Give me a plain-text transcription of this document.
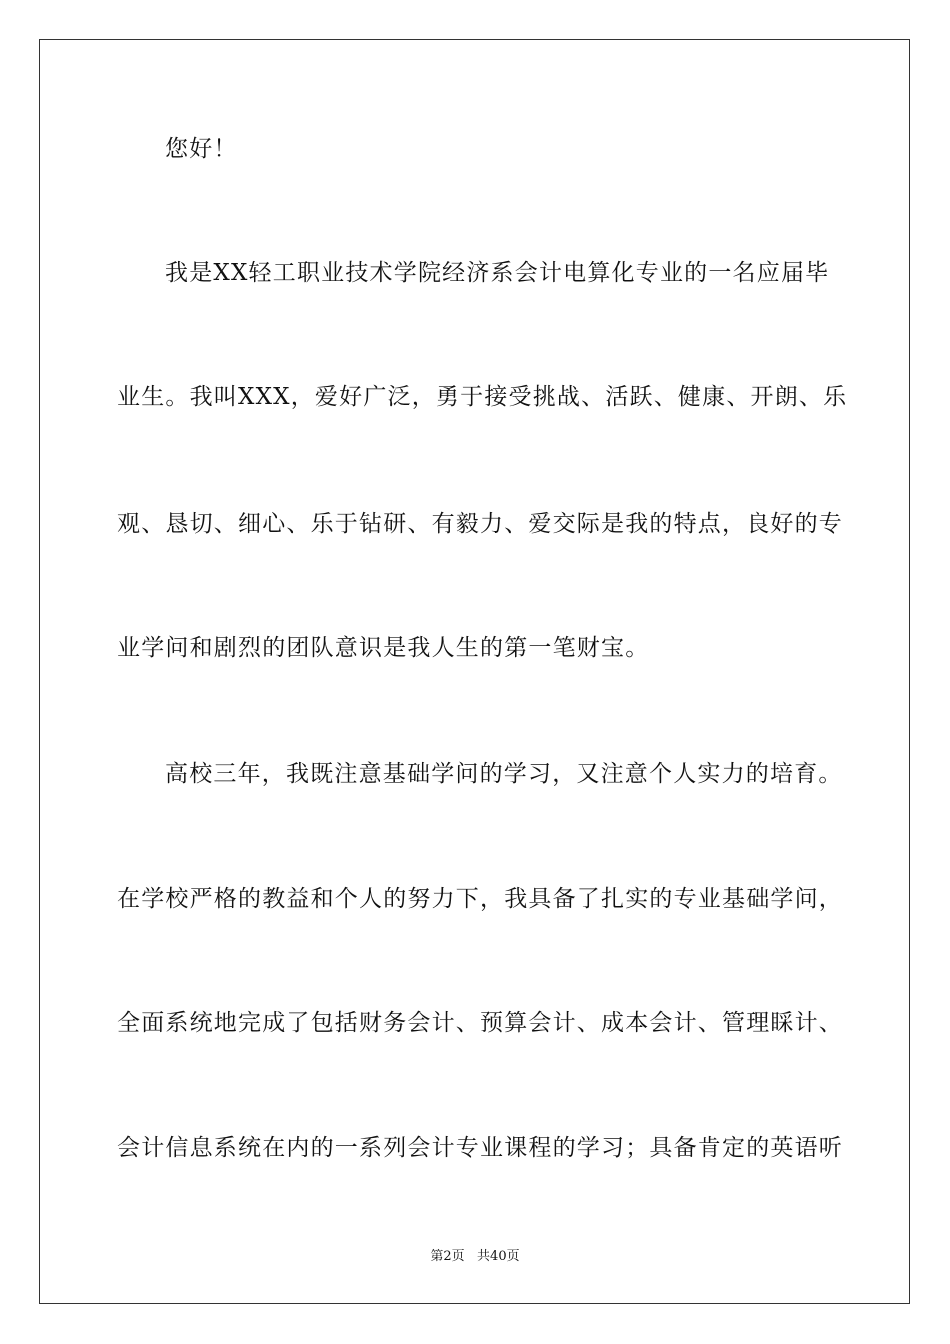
您好！
我是XX轻工职业技术学院经济系会计电算化专业的一名应届毕
业生。我叫XXX，爱好广泛，勇于接受挑战、活跃、健康、开朗、乐
观、恳切、细心、乐于钻研、有毅力、爱交际是我的特点，良好的专
业学问和剧烈的团队意识是我人生的第一笔财宝。
高校三年，我既注意基础学问的学习，又注意个人实力的培育。
在学校严格的教益和个人的努力下，我具备了扎实的专业基础学问，
全面系统地完成了包括财务会计、预算会计、成本会计、管理睬计、
会计信息系统在内的一系列会计专业课程的学习；具备肯定的英语听
第2页   共40页
